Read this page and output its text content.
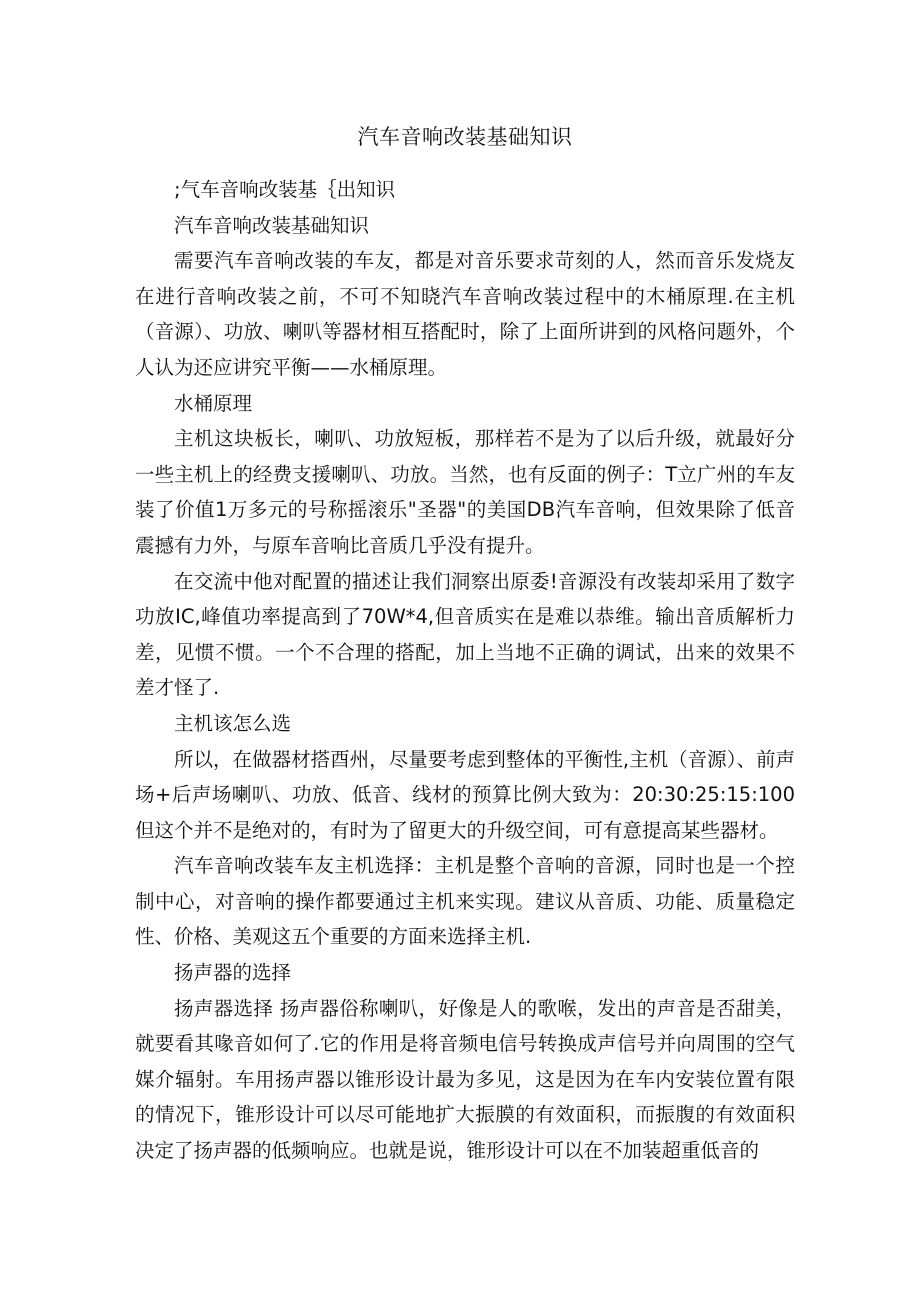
汽车音响改装基础知识

;气车音响改装基｛出知识

汽车音响改装基础知识

需要汽车音响改装的车友，都是对音乐要求苛刻的人，然而音乐发烧友在进行音响改装之前，不可不知晓汽车音响改装过程中的木桶原理.在主机（音源）、功放、喇叭等器材相互搭配时，除了上面所讲到的风格问题外，个人认为还应讲究平衡——水桶原理。

水桶原理

主机这块板长，喇叭、功放短板，那样若不是为了以后升级，就最好分一些主机上的经费支援喇叭、功放。当然，也有反面的例子：T立广州的车友装了价值1万多元的号称摇滚乐"圣器"的美国DB汽车音响，但效果除了低音震撼有力外，与原车音响比音质几乎没有提升。

在交流中他对配置的描述让我们洞察出原委!音源没有改装却采用了数字功放IC,峰值功率提高到了70W*4,但音质实在是难以恭维。输出音质解析力差，见惯不惯。一个不合理的搭配，加上当地不正确的调试，出来的效果不差才怪了.

主机该怎么选

所以，在做器材搭酉州，尽量要考虑到整体的平衡性,主机（音源）、前声场+后声场喇叭、功放、低音、线材的预算比例大致为：20:30:25:15:100但这个并不是绝对的，有时为了留更大的升级空间，可有意提高某些器材。

汽车音响改装车友主机选择：主机是整个音响的音源，同时也是一个控制中心，对音响的操作都要通过主机来实现。建议从音质、功能、质量稳定性、价格、美观这五个重要的方面来选择主机.

扬声器的选择

扬声器选择 扬声器俗称喇叭，好像是人的歌喉，发出的声音是否甜美，就要看其喙音如何了.它的作用是将音频电信号转换成声信号并向周围的空气媒介辐射。车用扬声器以锥形设计最为多见，这是因为在车内安装位置有限的情况下，锥形设计可以尽可能地扩大振膜的有效面积，而振腹的有效面积决定了扬声器的低频响应。也就是说，锥形设计可以在不加装超重低音的
